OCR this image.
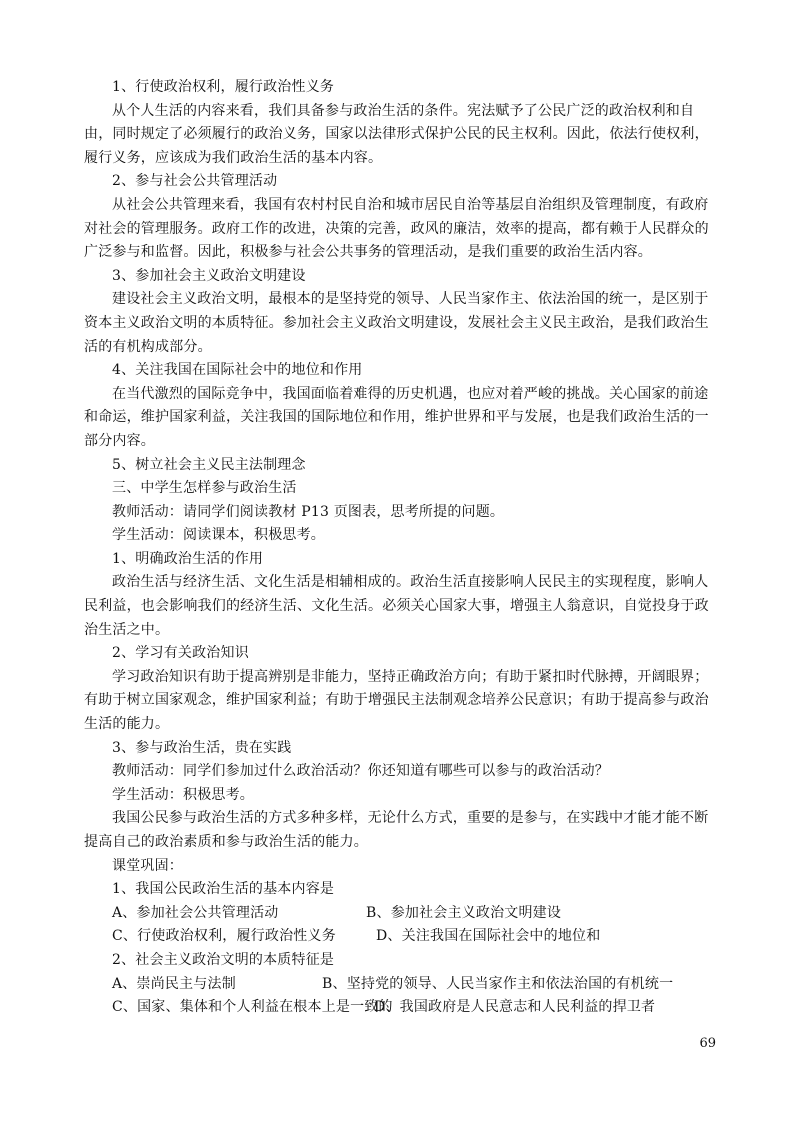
1、行使政治权利，履行政治性义务

从个人生活的内容来看，我们具备参与政治生活的条件。宪法赋予了公民广泛的政治权利和自由，同时规定了必须履行的政治义务，国家以法律形式保护公民的民主权利。因此，依法行使权利，履行义务，应该成为我们政治生活的基本内容。

2、参与社会公共管理活动

从社会公共管理来看，我国有农村村民自治和城市居民自治等基层自治组织及管理制度，有政府对社会的管理服务。政府工作的改进，决策的完善，政风的廉洁，效率的提高，都有赖于人民群众的广泛参与和监督。因此，积极参与社会公共事务的管理活动，是我们重要的政治生活内容。

3、参加社会主义政治文明建设

建设社会主义政治文明，最根本的是坚持党的领导、人民当家作主、依法治国的统一，是区别于资本主义政治文明的本质特征。参加社会主义政治文明建设，发展社会主义民主政治，是我们政治生活的有机构成部分。

4、关注我国在国际社会中的地位和作用

在当代激烈的国际竞争中，我国面临着难得的历史机遇，也应对着严峻的挑战。关心国家的前途和命运，维护国家利益，关注我国的国际地位和作用，维护世界和平与发展，也是我们政治生活的一部分内容。

5、树立社会主义民主法制理念

三、中学生怎样参与政治生活

教师活动：请同学们阅读教材 P13 页图表，思考所提的问题。

学生活动：阅读课本，积极思考。

1、明确政治生活的作用

政治生活与经济生活、文化生活是相辅相成的。政治生活直接影响人民民主的实现程度，影响人民利益，也会影响我们的经济生活、文化生活。必须关心国家大事，增强主人翁意识，自觉投身于政治生活之中。

2、学习有关政治知识

学习政治知识有助于提高辨别是非能力，坚持正确政治方向；有助于紧扣时代脉搏，开阔眼界；有助于树立国家观念，维护国家利益；有助于增强民主法制观念培养公民意识；有助于提高参与政治生活的能力。

3、参与政治生活，贵在实践

教师活动：同学们参加过什么政治活动？你还知道有哪些可以参与的政治活动？

学生活动：积极思考。

我国公民参与政治生活的方式多种多样，无论什么方式，重要的是参与，在实践中才能才能不断提高自己的政治素质和参与政治生活的能力。

课堂巩固：

1、我国公民政治生活的基本内容是

A、参加社会公共管理活动	B、参加社会主义政治文明建设
C、行使政治权利，履行政治性义务	D、关注我国在国际社会中的地位和

2、社会主义政治文明的本质特征是

A、崇尚民主与法制	B、坚持党的领导、人民当家作主和依法治国的有机统一
C、国家、集体和个人利益在根本上是一致的
D、我国政府是人民意志和人民利益的捍卫者
69
